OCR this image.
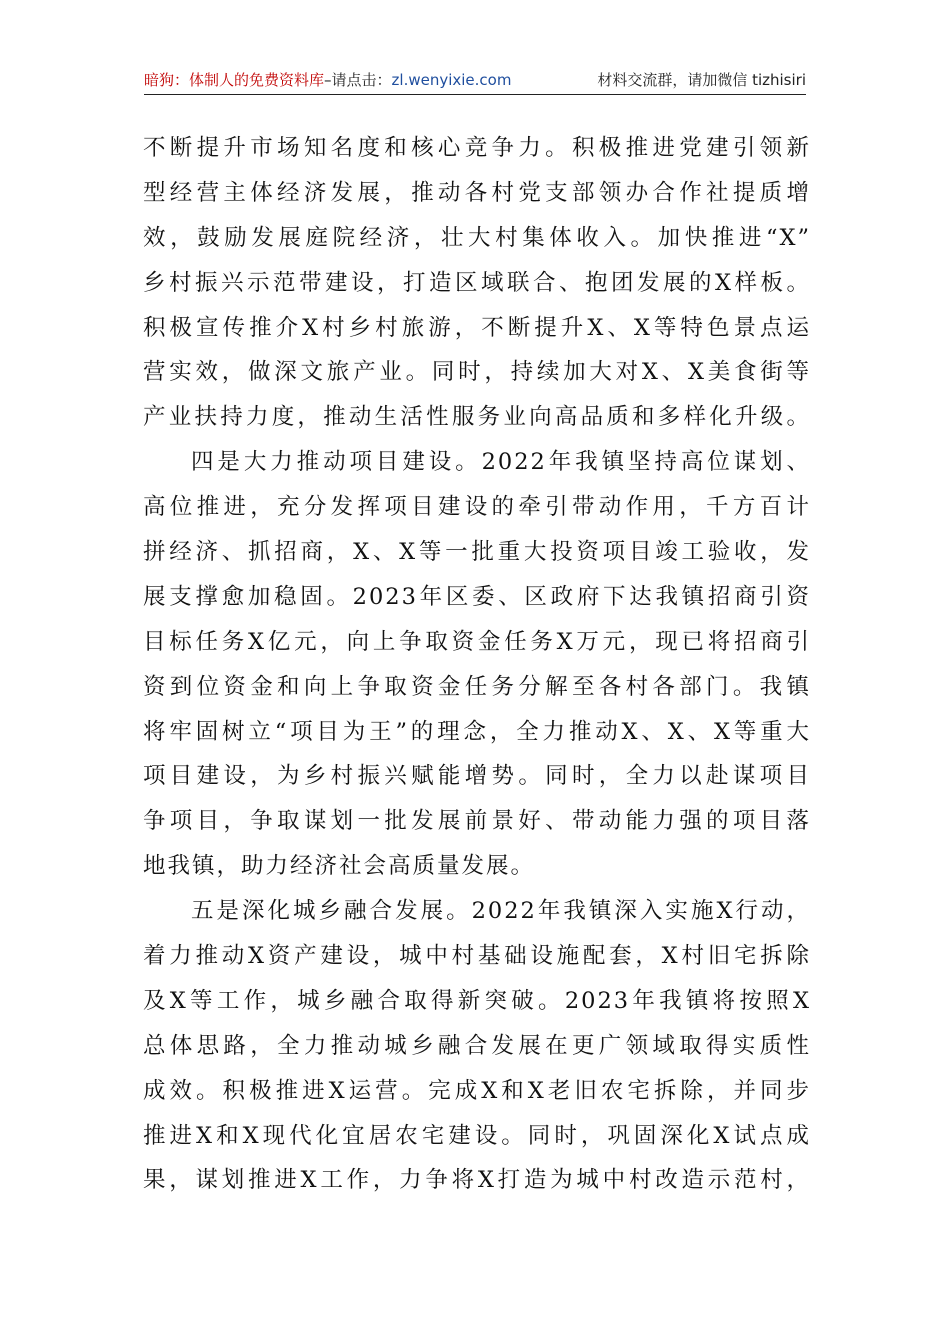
暗狗：体制人的免费资料库–请点击：zl.wenyixie.com	材料交流群，请加微信 tizhisiri
不断提升市场知名度和核心竞争力。积极推进党建引领新
型经营主体经济发展，推动各村党支部领办合作社提质增
效，鼓励发展庭院经济，壮大村集体收入。加快推进“X”
乡村振兴示范带建设，打造区域联合、抱团发展的X样板。
积极宣传推介X村乡村旅游，不断提升X、X等特色景点运
营实效，做深文旅产业。同时，持续加大对X、X美食街等
产业扶持力度，推动生活性服务业向高品质和多样化升级。
四是大力推动项目建设。2022年我镇坚持高位谋划、
高位推进，充分发挥项目建设的牵引带动作用，千方百计
拼经济、抓招商，X、X等一批重大投资项目竣工验收，发
展支撑愈加稳固。2023年区委、区政府下达我镇招商引资
目标任务X亿元，向上争取资金任务X万元，现已将招商引
资到位资金和向上争取资金任务分解至各村各部门。我镇
将牢固树立“项目为王”的理念，全力推动X、X、X等重大
项目建设，为乡村振兴赋能增势。同时，全力以赴谋项目
争项目，争取谋划一批发展前景好、带动能力强的项目落
地我镇，助力经济社会高质量发展。
五是深化城乡融合发展。2022年我镇深入实施X行动，
着力推动X资产建设，城中村基础设施配套，X村旧宅拆除
及X等工作，城乡融合取得新突破。2023年我镇将按照X
总体思路，全力推动城乡融合发展在更广领域取得实质性
成效。积极推进X运营。完成X和X老旧农宅拆除，并同步
推进X和X现代化宜居农宅建设。同时，巩固深化X试点成
果，谋划推进X工作，力争将X打造为城中村改造示范村，
